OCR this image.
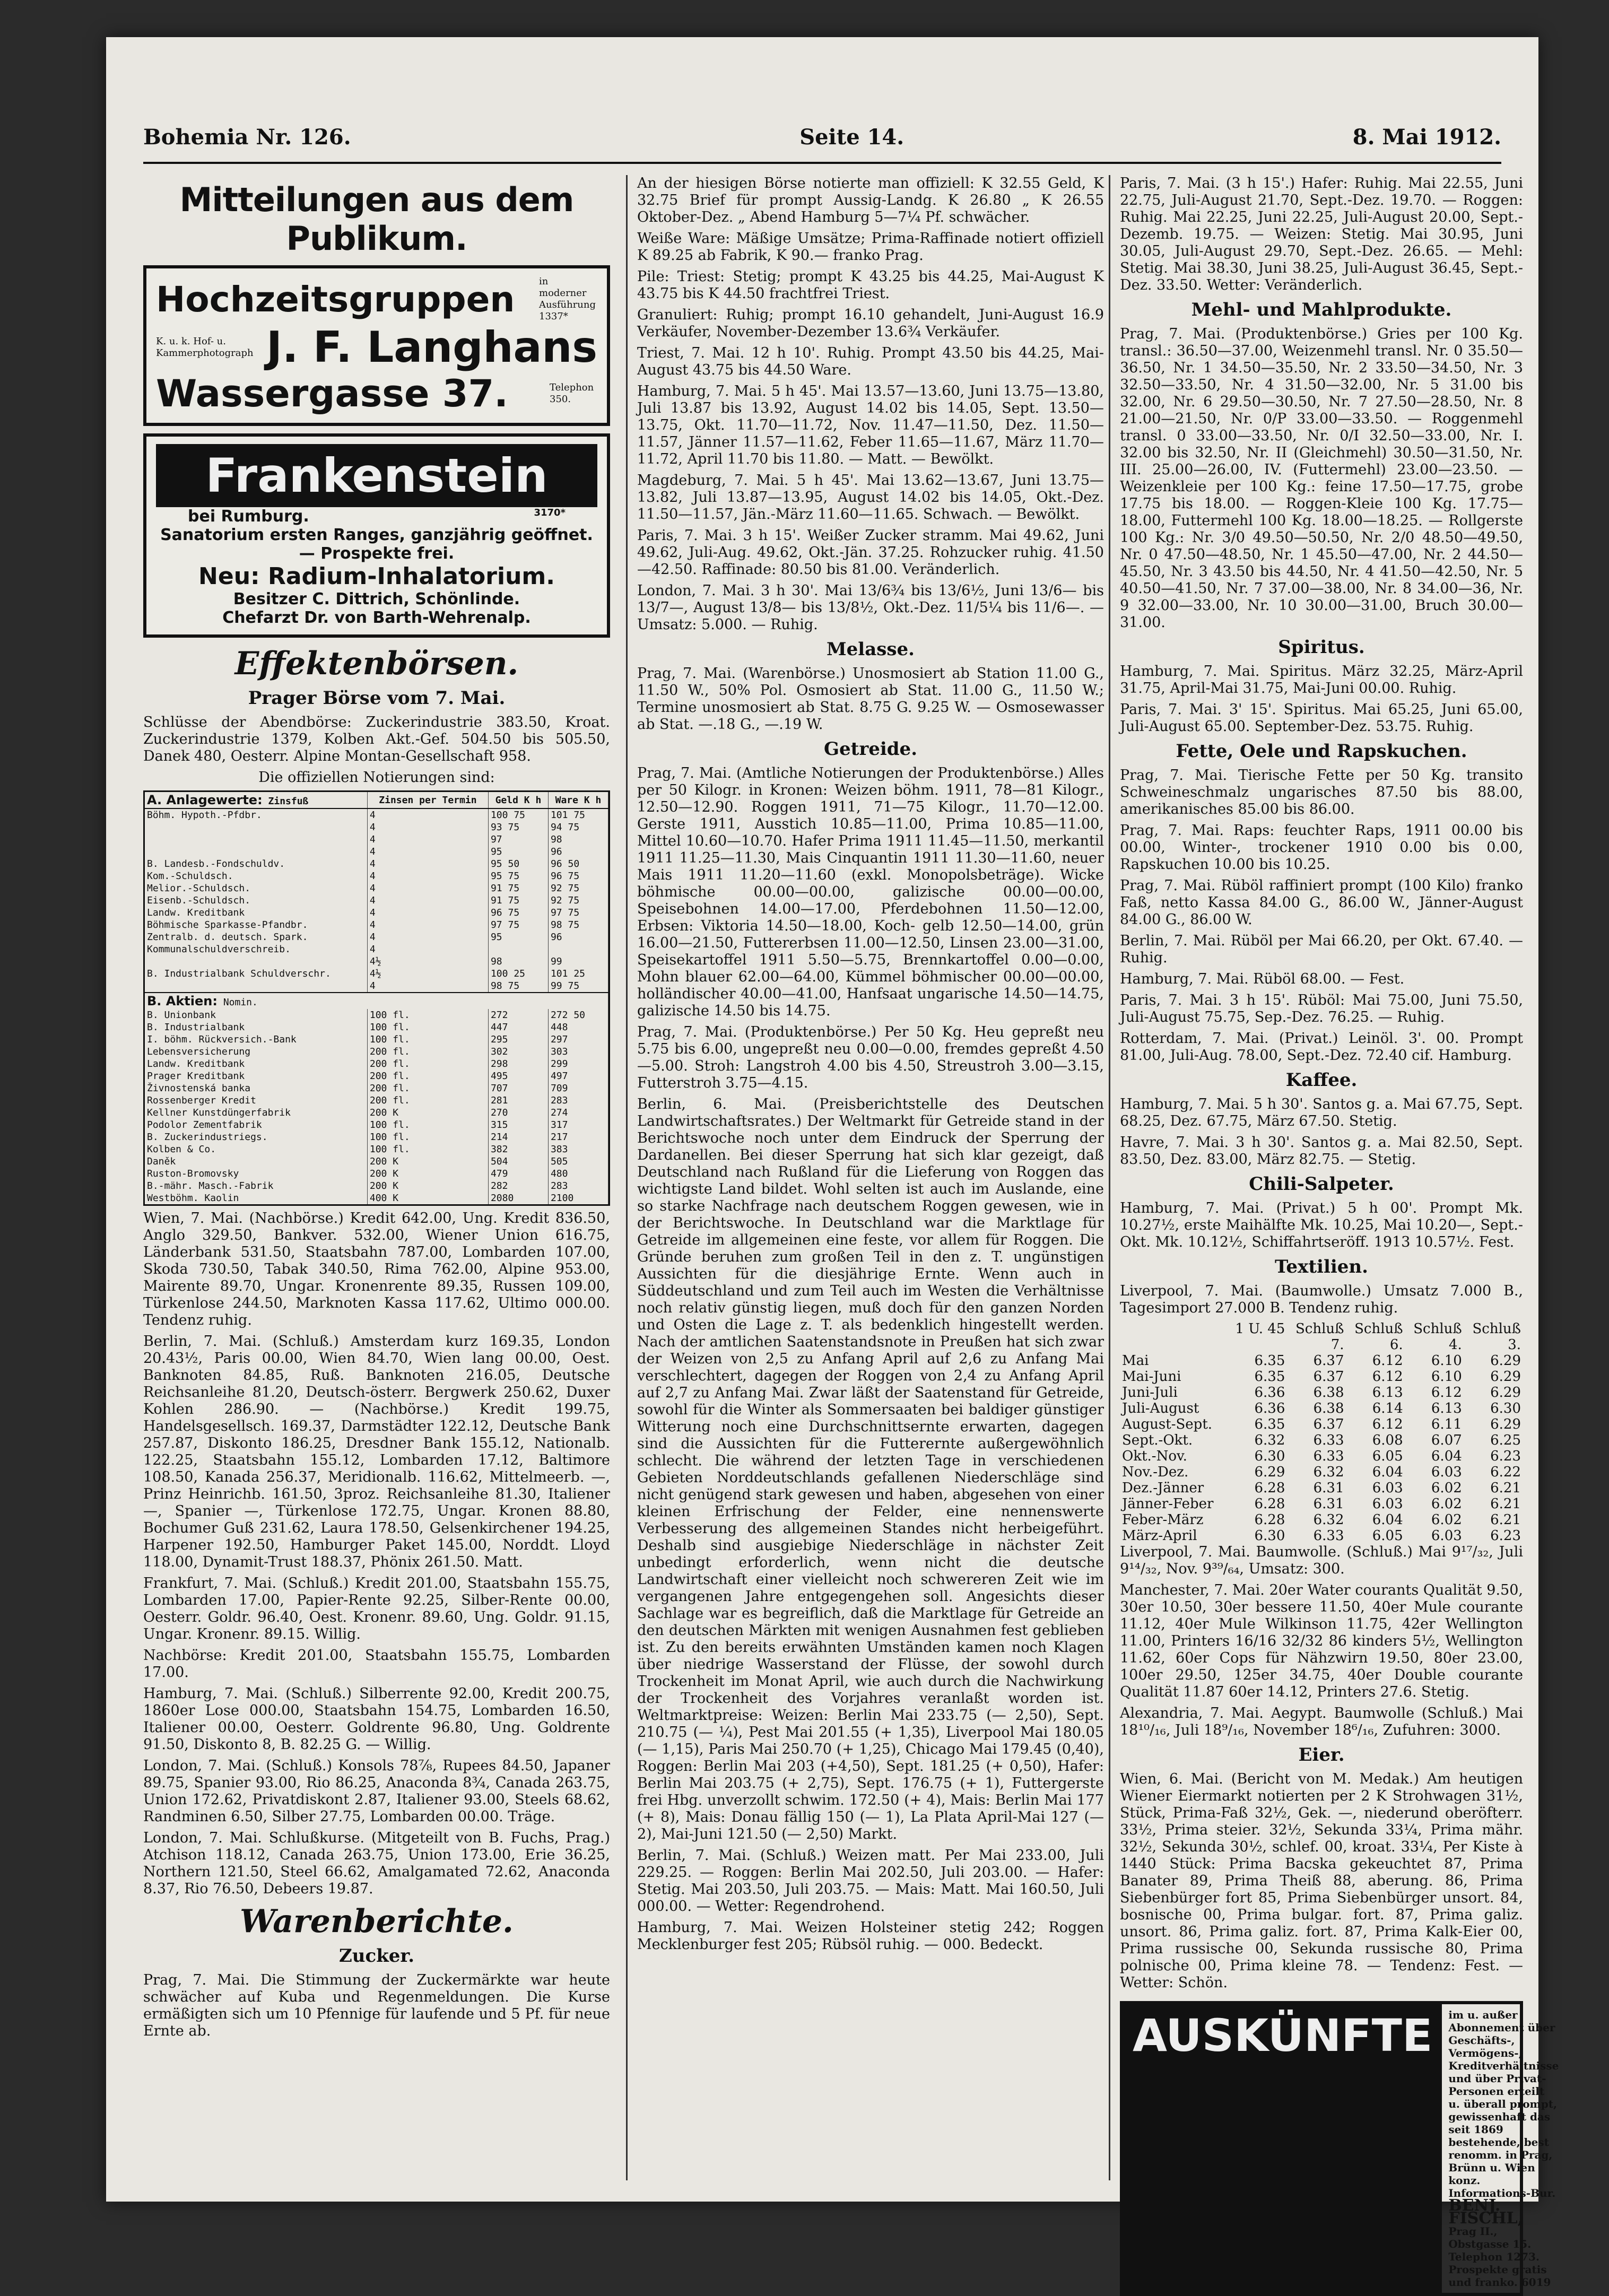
Bohemia Nr. 126.	Seite 14.	8. Mai 1912.
Mitteilungen aus dem Publikum.
Hochzeitsgruppen	in moderner Ausführung 1337*
K. u. k. Hof- u. Kammerphotograph J. F. Langhans
Wassergasse 37.	Telephon 350.
Frankenstein
bei Rumburg.	3170*
Sanatorium ersten Ranges, ganzjährig geöffnet. — Prospekte frei.
Neu: Radium-Inhalatorium.
Besitzer C. Dittrich, Schönlinde.
Chefarzt Dr. von Barth-Wehrenalp.
Effektenbörsen.
Prager Börse vom 7. Mai.

Schlüsse der Abendbörse: Zuckerindustrie 383.50, Kroat. Zuckerindustrie 1379, Kolben Akt.-Gef. 504.50 bis 505.50, Danek 480, Oesterr. Alpine Montan-Gesellschaft 958.

Die offiziellen Notierungen sind:

A. Anlagewerte: Zinsfuß	Zinsen per Termin	Geld K h	Ware K h
Böhm. Hypoth.-Pfdbr.	4	100 75	101 75
	4	93 75	94 75
	4	97	98
	4	95	96
B. Landesb.-Fondschuldv.	4	95 50	96 50
Kom.-Schuldsch.	4	95 75	96 75
Melior.-Schuldsch.	4	91 75	92 75
Eisenb.-Schuldsch.	4	91 75	92 75
Landw. Kreditbank	4	96 75	97 75
Böhmische Sparkasse-Pfandbr.	4	97 75	98 75
Zentralb. d. deutsch. Spark.	4	95	96
Kommunalschuldverschreib.	4		
	4½	98	99
B. Industrialbank Schuldverschr.	4½	100 25	101 25
	4	98 75	99 75
B. Aktien: Nomin.			
B. Unionbank	100 fl.	272	272 50
B. Industrialbank	100 fl.	447	448
I. böhm. Rückversich.-Bank	100 fl.	295	297
Lebensversicherung	200 fl.	302	303
Landw. Kreditbank	200 fl.	298	299
Prager Kreditbank	200 fl.	495	497
Živnostenská banka	200 fl.	707	709
Rossenberger Kredit	200 fl.	281	283
Kellner Kunstdüngerfabrik	200 K	270	274
Podolor Zementfabrik	100 fl.	315	317
B. Zuckerindustriegs.	100 fl.	214	217
Kolben & Co.	100 fl.	382	383
Daněk	200 K	504	505
Ruston-Bromovsky	200 K	479	480
B.-mähr. Masch.-Fabrik	200 K	282	283
Westböhm. Kaolin	400 K	2080	2100

Wien, 7. Mai. (Nachbörse.) Kredit 642.00, Ung. Kredit 836.50, Anglo 329.50, Bankver. 532.00, Wiener Union 616.75, Länderbank 531.50, Staatsbahn 787.00, Lombarden 107.00, Skoda 730.50, Tabak 340.50, Rima 762.00, Alpine 953.00, Mairente 89.70, Ungar. Kronenrente 89.35, Russen 109.00, Türkenlose 244.50, Marknoten Kassa 117.62, Ultimo 000.00. Tendenz ruhig.

Berlin, 7. Mai. (Schluß.) Amsterdam kurz 169.35, London 20.43½, Paris 00.00, Wien 84.70, Wien lang 00.00, Oest. Banknoten 84.85, Ruß. Banknoten 216.05, Deutsche Reichsanleihe 81.20, Deutsch-österr. Bergwerk 250.62, Duxer Kohlen 286.90. — (Nachbörse.) Kredit 199.75, Handelsgesellsch. 169.37, Darmstädter 122.12, Deutsche Bank 257.87, Diskonto 186.25, Dresdner Bank 155.12, Nationalb. 122.25, Staatsbahn 155.12, Lombarden 17.12, Baltimore 108.50, Kanada 256.37, Meridionalb. 116.62, Mittelmeerb. —, Prinz Heinrichb. 161.50, 3proz. Reichsanleihe 81.30, Italiener —, Spanier —, Türkenlose 172.75, Ungar. Kronen 88.80, Bochumer Guß 231.62, Laura 178.50, Gelsenkirchener 194.25, Harpener 192.50, Hamburger Paket 145.00, Norddt. Lloyd 118.00, Dynamit-Trust 188.37, Phönix 261.50. Matt.

Frankfurt, 7. Mai. (Schluß.) Kredit 201.00, Staatsbahn 155.75, Lombarden 17.00, Papier-Rente 92.25, Silber-Rente 00.00, Oesterr. Goldr. 96.40, Oest. Kronenr. 89.60, Ung. Goldr. 91.15, Ungar. Kronenr. 89.15. Willig.

Nachbörse: Kredit 201.00, Staatsbahn 155.75, Lombarden 17.00.

Hamburg, 7. Mai. (Schluß.) Silberrente 92.00, Kredit 200.75, 1860er Lose 000.00, Staatsbahn 154.75, Lombarden 16.50, Italiener 00.00, Oesterr. Goldrente 96.80, Ung. Goldrente 91.50, Diskonto 8, B. 82.25 G. — Willig.

London, 7. Mai. (Schluß.) Konsols 78⅞, Rupees 84.50, Japaner 89.75, Spanier 93.00, Rio 86.25, Anaconda 8¾, Canada 263.75, Union 172.62, Privatdiskont 2.87, Italiener 93.00, Steels 68.62, Randminen 6.50, Silber 27.75, Lombarden 00.00. Träge.

London, 7. Mai. Schlußkurse. (Mitgeteilt von B. Fuchs, Prag.) Atchison 118.12, Canada 263.75, Union 173.00, Erie 36.25, Northern 121.50, Steel 66.62, Amalgamated 72.62, Anaconda 8.37, Rio 76.50, Debeers 19.87.

Warenberichte.
Zucker.

Prag, 7. Mai. Die Stimmung der Zuckermärkte war heute schwächer auf Kuba und Regenmeldungen. Die Kurse ermäßigten sich um 10 Pfennige für laufende und 5 Pf. für neue Ernte ab.

An der hiesigen Börse notierte man offiziell: K 32.55 Geld, K 32.75 Brief für prompt Aussig-Landg. K 26.80 „ K 26.55 Oktober-Dez. „ Abend Hamburg 5—7¼ Pf. schwächer.

Weiße Ware: Mäßige Umsätze; Prima-Raffinade notiert offiziell K 89.25 ab Fabrik, K 90.— franko Prag.

Pile: Triest: Stetig; prompt K 43.25 bis 44.25, Mai-August K 43.75 bis K 44.50 frachtfrei Triest.

Granuliert: Ruhig; prompt 16.10 gehandelt, Juni-August 16.9 Verkäufer, November-Dezember 13.6¾ Verkäufer.

Triest, 7. Mai. 12 h 10'. Ruhig. Prompt 43.50 bis 44.25, Mai-August 43.75 bis 44.50 Ware.

Hamburg, 7. Mai. 5 h 45'. Mai 13.57—13.60, Juni 13.75—13.80, Juli 13.87 bis 13.92, August 14.02 bis 14.05, Sept. 13.50—13.75, Okt. 11.70—11.72, Nov. 11.47—11.50, Dez. 11.50—11.57, Jänner 11.57—11.62, Feber 11.65—11.67, März 11.70—11.72, April 11.70 bis 11.80. — Matt. — Bewölkt.

Magdeburg, 7. Mai. 5 h 45'. Mai 13.62—13.67, Juni 13.75—13.82, Juli 13.87—13.95, August 14.02 bis 14.05, Okt.-Dez. 11.50—11.57, Jän.-März 11.60—11.65. Schwach. — Bewölkt.

Paris, 7. Mai. 3 h 15'. Weißer Zucker stramm. Mai 49.62, Juni 49.62, Juli-Aug. 49.62, Okt.-Jän. 37.25. Rohzucker ruhig. 41.50—42.50. Raffinade: 80.50 bis 81.00. Veränderlich.

London, 7. Mai. 3 h 30'. Mai 13/6¾ bis 13/6½, Juni 13/6— bis 13/7—, August 13/8— bis 13/8½, Okt.-Dez. 11/5¼ bis 11/6—. — Umsatz: 5.000. — Ruhig.

Melasse.

Prag, 7. Mai. (Warenbörse.) Unosmosiert ab Station 11.00 G., 11.50 W., 50% Pol. Osmosiert ab Stat. 11.00 G., 11.50 W.; Termine unosmosiert ab Stat. 8.75 G. 9.25 W. — Osmosewasser ab Stat. —.18 G., —.19 W.

Getreide.

Prag, 7. Mai. (Amtliche Notierungen der Produktenbörse.) Alles per 50 Kilogr. in Kronen: Weizen böhm. 1911, 78—81 Kilogr., 12.50—12.90. Roggen 1911, 71—75 Kilogr., 11.70—12.00. Gerste 1911, Ausstich 10.85—11.00, Prima 10.85—11.00, Mittel 10.60—10.70. Hafer Prima 1911 11.45—11.50, merkantil 1911 11.25—11.30, Mais Cinquantin 1911 11.30—11.60, neuer Mais 1911 11.20—11.60 (exkl. Monopolsbeträge). Wicke böhmische 00.00—00.00, galizische 00.00—00.00, Speisebohnen 14.00—17.00, Pferdebohnen 11.50—12.00, Erbsen: Viktoria 14.50—18.00, Koch- gelb 12.50—14.00, grün 16.00—21.50, Futtererbsen 11.00—12.50, Linsen 23.00—31.00, Speisekartoffel 1911 5.50—5.75, Brennkartoffel 0.00—0.00, Mohn blauer 62.00—64.00, Kümmel böhmischer 00.00—00.00, holländischer 40.00—41.00, Hanfsaat ungarische 14.50—14.75, galizische 14.50 bis 14.75.

Prag, 7. Mai. (Produktenbörse.) Per 50 Kg. Heu gepreßt neu 5.75 bis 6.00, ungepreßt neu 0.00—0.00, fremdes gepreßt 4.50—5.00. Stroh: Langstroh 4.00 bis 4.50, Streustroh 3.00—3.15, Futterstroh 3.75—4.15.

Berlin, 6. Mai. (Preisberichtstelle des Deutschen Landwirtschaftsrates.) Der Weltmarkt für Getreide stand in der Berichtswoche noch unter dem Eindruck der Sperrung der Dardanellen. Bei dieser Sperrung hat sich klar gezeigt, daß Deutschland nach Rußland für die Lieferung von Roggen das wichtigste Land bildet. Wohl selten ist auch im Auslande, eine so starke Nachfrage nach deutschem Roggen gewesen, wie in der Berichtswoche. In Deutschland war die Marktlage für Getreide im allgemeinen eine feste, vor allem für Roggen. Die Gründe beruhen zum großen Teil in den z. T. ungünstigen Aussichten für die diesjährige Ernte. Wenn auch in Süddeutschland und zum Teil auch im Westen die Verhältnisse noch relativ günstig liegen, muß doch für den ganzen Norden und Osten die Lage z. T. als bedenklich hingestellt werden. Nach der amtlichen Saatenstandsnote in Preußen hat sich zwar der Weizen von 2,5 zu Anfang April auf 2,6 zu Anfang Mai verschlechtert, dagegen der Roggen von 2,4 zu Anfang April auf 2,7 zu Anfang Mai. Zwar läßt der Saatenstand für Getreide, sowohl für die Winter als Sommersaaten bei baldiger günstiger Witterung noch eine Durchschnittsernte erwarten, dagegen sind die Aussichten für die Futterernte außergewöhnlich schlecht. Die während der letzten Tage in verschiedenen Gebieten Norddeutschlands gefallenen Niederschläge sind nicht genügend stark gewesen und haben, abgesehen von einer kleinen Erfrischung der Felder, eine nennenswerte Verbesserung des allgemeinen Standes nicht herbeigeführt. Deshalb sind ausgiebige Niederschläge in nächster Zeit unbedingt erforderlich, wenn nicht die deutsche Landwirtschaft einer vielleicht noch schwereren Zeit wie im vergangenen Jahre entgegengehen soll. Angesichts dieser Sachlage war es begreiflich, daß die Marktlage für Getreide an den deutschen Märkten mit wenigen Ausnahmen fest geblieben ist. Zu den bereits erwähnten Umständen kamen noch Klagen über niedrige Wasserstand der Flüsse, der sowohl durch Trockenheit im Monat April, wie auch durch die Nachwirkung der Trockenheit des Vorjahres veranlaßt worden ist. Weltmarktpreise: Weizen: Berlin Mai 233.75 (— 2,50), Sept. 210.75 (— ¼), Pest Mai 201.55 (+ 1,35), Liverpool Mai 180.05 (— 1,15), Paris Mai 250.70 (+ 1,25), Chicago Mai 179.45 (0,40), Roggen: Berlin Mai 203 (+4,50), Sept. 181.25 (+ 0,50), Hafer: Berlin Mai 203.75 (+ 2,75), Sept. 176.75 (+ 1), Futtergerste frei Hbg. unverzollt schwim. 172.50 (+ 4), Mais: Berlin Mai 177 (+ 8), Mais: Donau fällig 150 (— 1), La Plata April-Mai 127 (— 2), Mai-Juni 121.50 (— 2,50) Markt.

Berlin, 7. Mai. (Schluß.) Weizen matt. Per Mai 233.00, Juli 229.25. — Roggen: Berlin Mai 202.50, Juli 203.00. — Hafer: Stetig. Mai 203.50, Juli 203.75. — Mais: Matt. Mai 160.50, Juli 000.00. — Wetter: Regendrohend.

Hamburg, 7. Mai. Weizen Holsteiner stetig 242; Roggen Mecklenburger fest 205; Rübsöl ruhig. — 000. Bedeckt.

Paris, 7. Mai. (3 h 15'.) Hafer: Ruhig. Mai 22.55, Juni 22.75, Juli-August 21.70, Sept.-Dez. 19.70. — Roggen: Ruhig. Mai 22.25, Juni 22.25, Juli-August 20.00, Sept.-Dezemb. 19.75. — Weizen: Stetig. Mai 30.95, Juni 30.05, Juli-August 29.70, Sept.-Dez. 26.65. — Mehl: Stetig. Mai 38.30, Juni 38.25, Juli-August 36.45, Sept.-Dez. 33.50. Wetter: Veränderlich.

Mehl- und Mahlprodukte.

Prag, 7. Mai. (Produktenbörse.) Gries per 100 Kg. transl.: 36.50—37.00, Weizenmehl transl. Nr. 0 35.50—36.50, Nr. 1 34.50—35.50, Nr. 2 33.50—34.50, Nr. 3 32.50—33.50, Nr. 4 31.50—32.00, Nr. 5 31.00 bis 32.00, Nr. 6 29.50—30.50, Nr. 7 27.50—28.50, Nr. 8 21.00—21.50, Nr. 0/P 33.00—33.50. — Roggenmehl transl. 0 33.00—33.50, Nr. 0/I 32.50—33.00, Nr. I. 32.00 bis 32.50, Nr. II (Gleichmehl) 30.50—31.50, Nr. III. 25.00—26.00, IV. (Futtermehl) 23.00—23.50. — Weizenkleie per 100 Kg.: feine 17.50—17.75, grobe 17.75 bis 18.00. — Roggen-Kleie 100 Kg. 17.75—18.00, Futtermehl 100 Kg. 18.00—18.25. — Rollgerste 100 Kg.: Nr. 3/0 49.50—50.50, Nr. 2/0 48.50—49.50, Nr. 0 47.50—48.50, Nr. 1 45.50—47.00, Nr. 2 44.50—45.50, Nr. 3 43.50 bis 44.50, Nr. 4 41.50—42.50, Nr. 5 40.50—41.50, Nr. 7 37.00—38.00, Nr. 8 34.00—36, Nr. 9 32.00—33.00, Nr. 10 30.00—31.00, Bruch 30.00—31.00.

Spiritus.

Hamburg, 7. Mai. Spiritus. März 32.25, März-April 31.75, April-Mai 31.75, Mai-Juni 00.00. Ruhig.

Paris, 7. Mai. 3' 15'. Spiritus. Mai 65.25, Juni 65.00, Juli-August 65.00. September-Dez. 53.75. Ruhig.

Fette, Oele und Rapskuchen.

Prag, 7. Mai. Tierische Fette per 50 Kg. transito Schweineschmalz ungarisches 87.50 bis 88.00, amerikanisches 85.00 bis 86.00.

Prag, 7. Mai. Raps: feuchter Raps, 1911 00.00 bis 00.00, Winter-, trockener 1910 0.00 bis 0.00, Rapskuchen 10.00 bis 10.25.

Prag, 7. Mai. Rüböl raffiniert prompt (100 Kilo) franko Faß, netto Kassa 84.00 G., 86.00 W., Jänner-August 84.00 G., 86.00 W.

Berlin, 7. Mai. Rüböl per Mai 66.20, per Okt. 67.40. — Ruhig.

Hamburg, 7. Mai. Rüböl 68.00. — Fest.

Paris, 7. Mai. 3 h 15'. Rüböl: Mai 75.00, Juni 75.50, Juli-August 75.75, Sep.-Dez. 76.25. — Ruhig.

Rotterdam, 7. Mai. (Privat.) Leinöl. 3'. 00. Prompt 81.00, Juli-Aug. 78.00, Sept.-Dez. 72.40 cif. Hamburg.

Kaffee.

Hamburg, 7. Mai. 5 h 30'. Santos g. a. Mai 67.75, Sept. 68.25, Dez. 67.75, März 67.50. Stetig.

Havre, 7. Mai. 3 h 30'. Santos g. a. Mai 82.50, Sept. 83.50, Dez. 83.00, März 82.75. — Stetig.

Chili-Salpeter.

Hamburg, 7. Mai. (Privat.) 5 h 00'. Prompt Mk. 10.27½, erste Maihälfte Mk. 10.25, Mai 10.20—, Sept.-Okt. Mk. 10.12½, Schiffahrtseröff. 1913 10.57½. Fest.

Textilien.

Liverpool, 7. Mai. (Baumwolle.) Umsatz 7.000 B., Tagesimport 27.000 B. Tendenz ruhig.

	1 U. 45	Schluß	Schluß	Schluß	Schluß
		7.	6.	4.	3.
Mai	6.35	6.37	6.12	6.10	6.29
Mai-Juni	6.35	6.37	6.12	6.10	6.29
Juni-Juli	6.36	6.38	6.13	6.12	6.29
Juli-August	6.36	6.38	6.14	6.13	6.30
August-Sept.	6.35	6.37	6.12	6.11	6.29
Sept.-Okt.	6.32	6.33	6.08	6.07	6.25
Okt.-Nov.	6.30	6.33	6.05	6.04	6.23
Nov.-Dez.	6.29	6.32	6.04	6.03	6.22
Dez.-Jänner	6.28	6.31	6.03	6.02	6.21
Jänner-Feber	6.28	6.31	6.03	6.02	6.21
Feber-März	6.28	6.32	6.04	6.02	6.21
März-April	6.30	6.33	6.05	6.03	6.23

Liverpool, 7. Mai. Baumwolle. (Schluß.) Mai 9¹⁷/₃₂, Juli 9¹⁴/₃₂, Nov. 9³⁹/₆₄, Umsatz: 300.

Manchester, 7. Mai. 20er Water courants Qualität 9.50, 30er 10.50, 30er bessere 11.50, 40er Mule courante 11.12, 40er Mule Wilkinson 11.75, 42er Wellington 11.00, Printers 16/16 32/32 86 kinders 5½, Wellington 11.62, 60er Cops für Nähzwirn 19.50, 80er 23.00, 100er 29.50, 125er 34.75, 40er Double courante Qualität 11.87 60er 14.12, Printers 27.6. Stetig.

Alexandria, 7. Mai. Aegypt. Baumwolle (Schluß.) Mai 18¹⁰/₁₆, Juli 18⁹/₁₆, November 18⁶/₁₆, Zufuhren: 3000.

Eier.

Wien, 6. Mai. (Bericht von M. Medak.) Am heutigen Wiener Eiermarkt notierten per 2 K Strohwagen 31½, Stück, Prima-Faß 32½, Gek. —, niederund oberöfterr. 33½, Prima steier. 32½, Sekunda 33¼, Prima mähr. 32½, Sekunda 30½, schlef. 00, kroat. 33¼, Per Kiste à 1440 Stück: Prima Bacska gekeuchtet 87, Prima Banater 89, Prima Theiß 88, aberung. 86, Prima Siebenbürger fort 85, Prima Siebenbürger unsort. 84, bosnische 00, Prima bulgar. fort. 87, Prima galiz. unsort. 86, Prima galiz. fort. 87, Prima Kalk-Eier 00, Prima russische 00, Sekunda russische 80, Prima polnische 00, Prima kleine 78. — Tendenz: Fest. — Wetter: Schön.

AUSKÜNFTE	im u. außer Abonnement über Geschäfts-, Vermögens-, Kreditverhältnisse und über Privat-Personen erteilt u. überall prompt, gewissenhaft das seit 1869 bestehende, best renomm. in Prag, Brünn u. Wien konz. Informations-Bur.
BENJ. FISCHL,
Prag II., Obstgasse 15. Telephon 1273.
Prospekte gratis und franko. 6019
